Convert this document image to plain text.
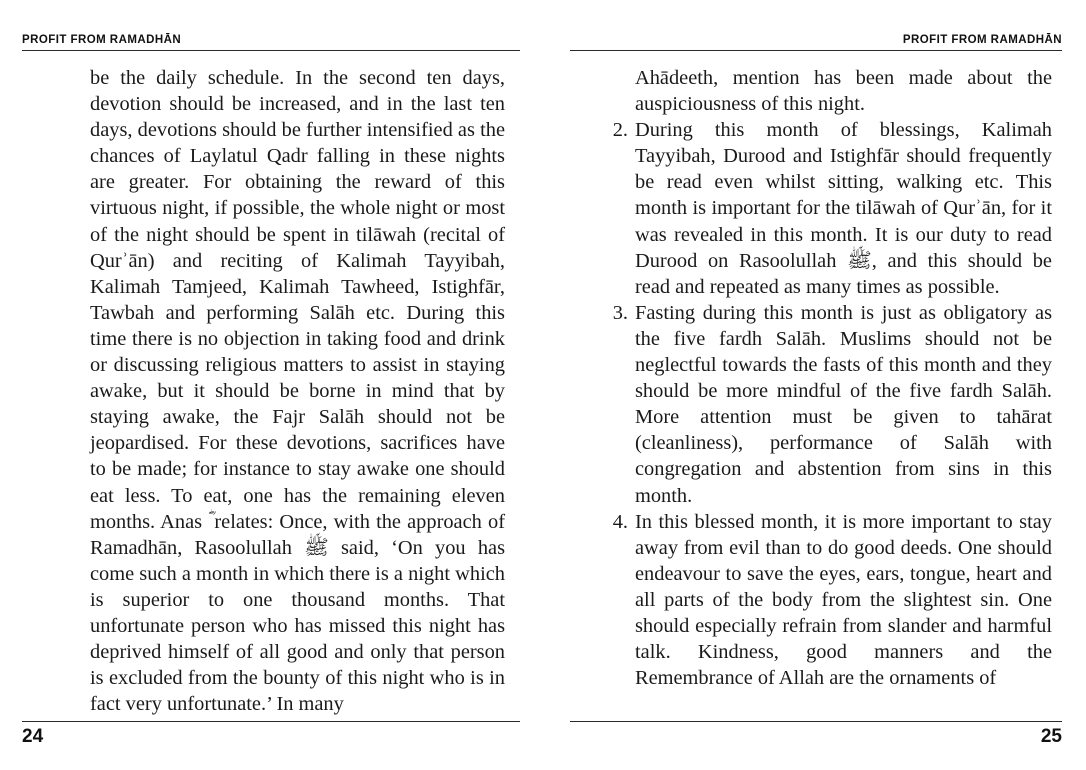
PROFIT FROM RAMADHĀN

be the daily schedule. In the second ten days, devotion should be increased, and in the last ten days, devotions should be further intensified as the chances of Laylatul Qadr falling in these nights are greater. For obtaining the reward of this virtuous night, if possible, the whole night or most of the night should be spent in tilāwah (recital of Qurʾān) and reciting of Kalimah Tayyibah, Kalimah Tamjeed, Kalimah Tawheed, Istighfār, Tawbah and performing Salāh etc. During this time there is no objection in taking food and drink or discussing religious matters to assist in staying awake, but it should be borne in mind that by staying awake, the Fajr Salāh should not be jeopardised. For these devotions, sacrifices have to be made; for instance to stay awake one should eat less. To eat, one has the remaining eleven months. Anas ؓ relates: Once, with the approach of Ramadhān, Rasoolullah ﷺ said, ‘On you has come such a month in which there is a night which is superior to one thousand months. That unfortunate person who has missed this night has deprived himself of all good and only that person is excluded from the bounty of this night who is in fact very unfortunate.’ In many

24
PROFIT FROM RAMADHĀN

Ahādeeth, mention has been made about the auspiciousness of this night.

2. During this month of blessings, Kalimah Tayyibah, Durood and Istighfār should frequently be read even whilst sitting, walking etc. This month is important for the tilāwah of Qurʾān, for it was revealed in this month. It is our duty to read Durood on Rasoolullah ﷺ, and this should be read and repeated as many times as possible.
3. Fasting during this month is just as obligatory as the five fardh Salāh. Muslims should not be neglectful towards the fasts of this month and they should be more mindful of the five fardh Salāh. More attention must be given to tahārat (cleanliness), performance of Salāh with congregation and abstention from sins in this month.
4. In this blessed month, it is more important to stay away from evil than to do good deeds. One should endeavour to save the eyes, ears, tongue, heart and all parts of the body from the slightest sin. One should especially refrain from slander and harmful talk. Kindness, good manners and the Remembrance of Allah are the ornaments of
25
